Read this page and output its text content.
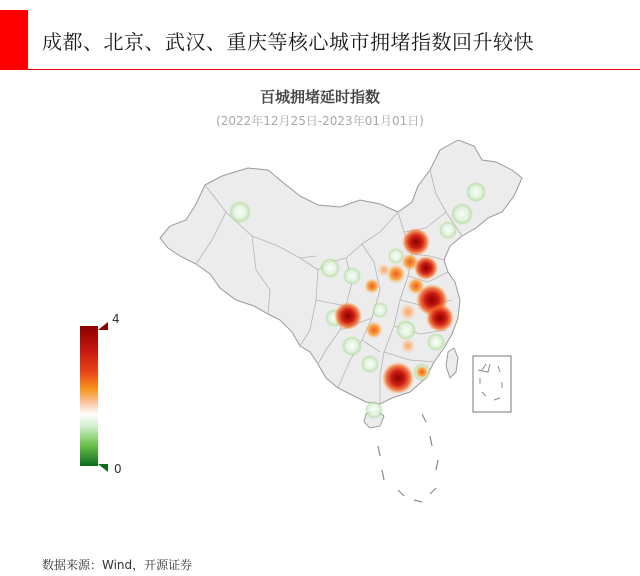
成都、北京、武汉、重庆等核心城市拥堵指数回升较快
百城拥堵延时指数
(2022年12月25日-2023年01月01日)
4
0
数据来源：Wind，开源证券
